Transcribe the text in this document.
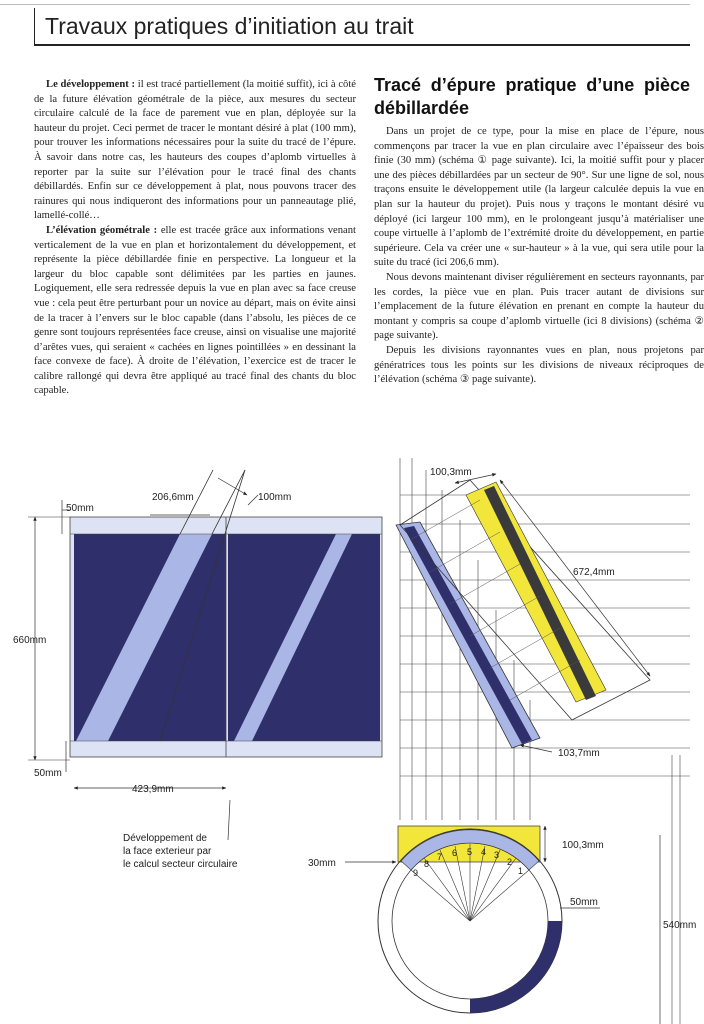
Travaux pratiques d’initiation au trait

Le développement : il est tracé partiellement (la moitié suffit), ici à côté de la future élévation géométrale de la pièce, aux mesures du secteur circulaire calculé de la face de parement vue en plan, déployée sur la hauteur du projet. Ceci permet de tracer le montant désiré à plat (100 mm), pour trouver les informations nécessaires pour la suite du tracé de l’épure. À savoir dans notre cas, les hauteurs des coupes d’aplomb virtuelles à reporter par la suite sur l’élévation pour le tracé final des chants débillardés. Enfin sur ce développement à plat, nous pouvons tracer des rainures qui nous indiqueront des informations pour un panneautage plié, lamellé-collé…

L’élévation géométrale : elle est tracée grâce aux informations venant verticalement de la vue en plan et horizontalement du développement, et représente la pièce débillardée finie en perspective. La longueur et la largeur du bloc capable sont délimitées par les parties en jaunes. Logiquement, elle sera redressée depuis la vue en plan avec sa face creuse vue : cela peut être perturbant pour un novice au départ, mais on évite ainsi de la tracer à l’envers sur le bloc capable (dans l’absolu, les pièces de ce genre sont toujours représentées face creuse, ainsi on visualise une majorité d’arêtes vues, qui seraient « cachées en lignes pointillées » en dessinant la face convexe de face). À droite de l’élévation, l’exercice est de tracer le calibre rallongé qui devra être appliqué au tracé final des chants du bloc capable.

Tracé d’épure pratique d’une pièce débillardée

Dans un projet de ce type, pour la mise en place de l’épure, nous commençons par tracer la vue en plan circulaire avec l’épaisseur des bois finie (30 mm) (schéma ① page suivante). Ici, la moitié suffit pour y placer une des pièces débillardées par un secteur de 90°. Sur une ligne de sol, nous traçons ensuite le développement utile (la largeur calculée depuis la vue en plan sur la hauteur du projet). Puis nous y traçons le montant désiré vu déployé (ici largeur 100 mm), en le prolongeant jusqu’à matérialiser une coupe virtuelle à l’aplomb de l’extrémité droite du développement, en partie supérieure. Cela va créer une « sur-hauteur » à la vue, qui sera utile pour la suite du tracé (ici 206,6 mm).

Nous devons maintenant diviser régulièrement en secteurs rayonnants, par les cordes, la pièce vue en plan. Puis tracer autant de divisions sur l’emplacement de la future élévation en prenant en compte la hauteur du montant y compris sa coupe d’aplomb virtuelle (ici 8 divisions) (schéma ② page suivante).

Depuis les divisions rayonnantes vues en plan, nous projetons par génératrices tous les points sur les divisions de niveaux réciproques de l’élévation (schéma ③ page suivante).

50mm
206,6mm	100mm
660mm
50mm
423,9mm
Développement de
la face exterieur par
le calcul secteur circulaire
100,3mm
672,4mm
103,7mm
100,3mm
30mm
50mm
540mm
1
2
3
4
5
6
7
8
9
